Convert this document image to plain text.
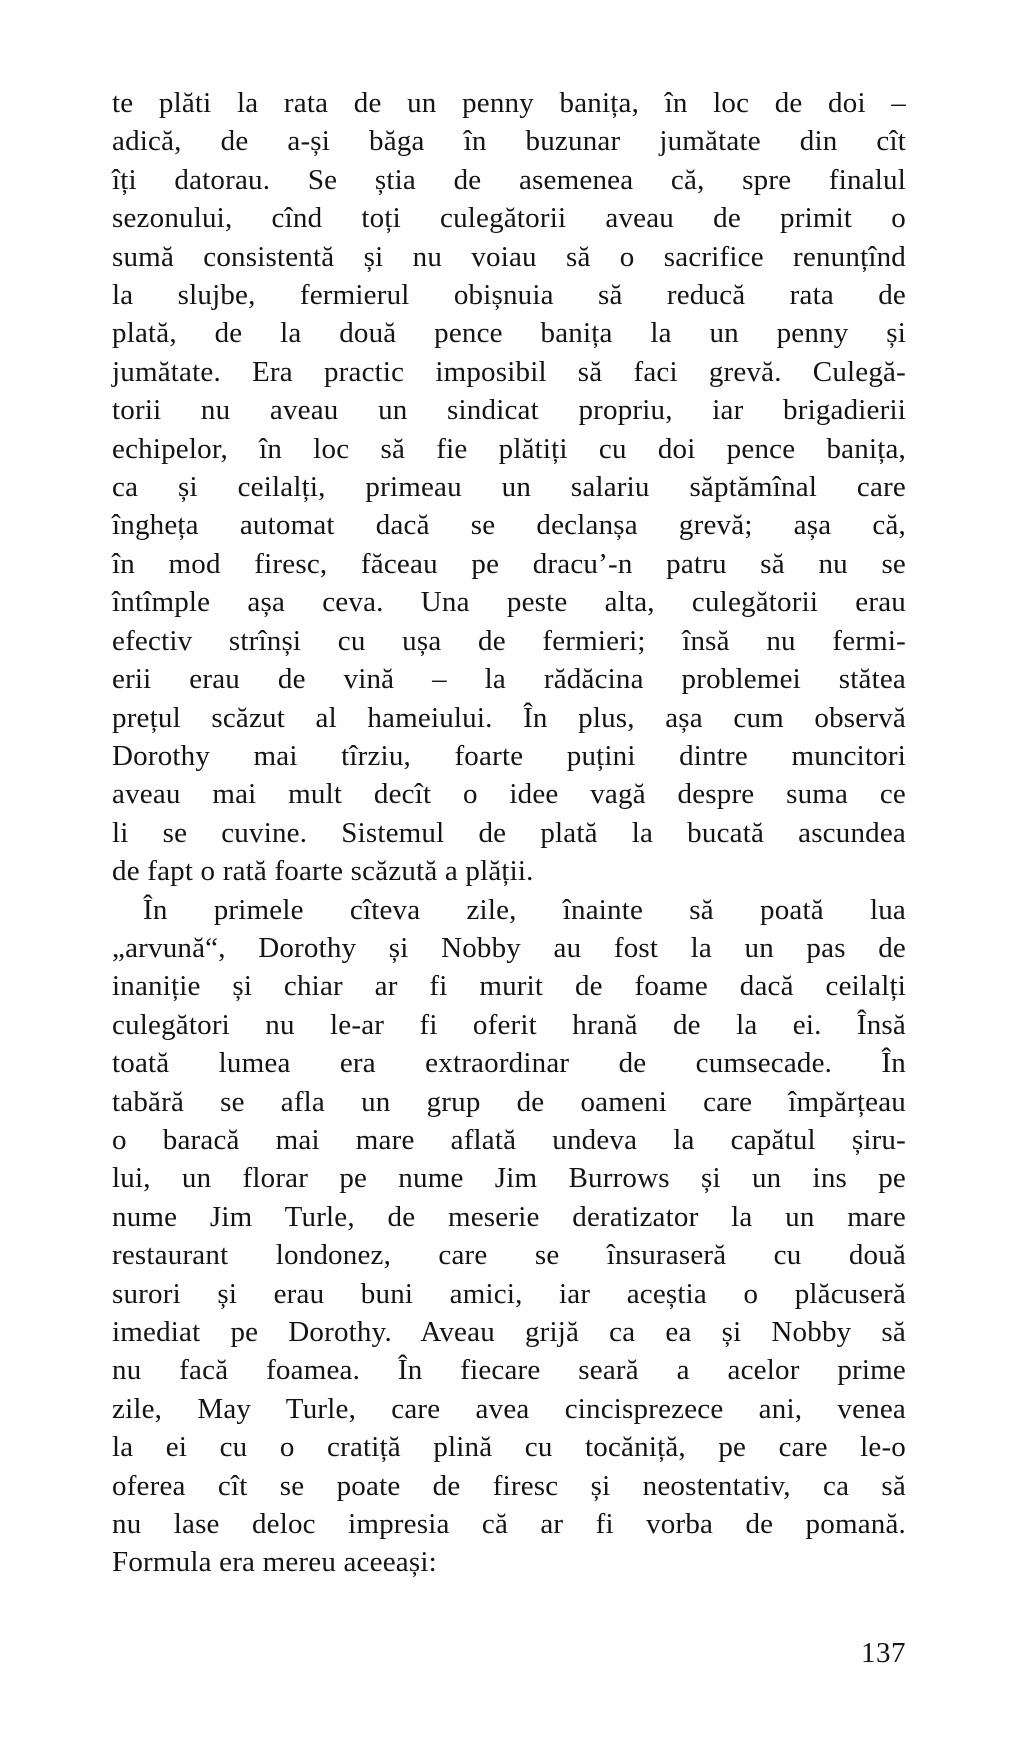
te plăti la rata de un penny banița, în loc de doi –
adică, de a-și băga în buzunar jumătate din cît
îți datorau. Se știa de asemenea că, spre finalul
sezonului, cînd toți culegătorii aveau de primit o
sumă consistentă și nu voiau să o sacrifice renunțînd
la slujbe, fermierul obișnuia să reducă rata de
plată, de la două pence banița la un penny și
jumătate. Era practic imposibil să faci grevă. Culegă-
torii nu aveau un sindicat propriu, iar brigadierii
echipelor, în loc să fie plătiți cu doi pence banița,
ca și ceilalți, primeau un salariu săptămînal care
îngheța automat dacă se declanșa grevă; așa că,
în mod firesc, făceau pe dracu’-n patru să nu se
întîmple așa ceva. Una peste alta, culegătorii erau
efectiv strînși cu ușa de fermieri; însă nu fermi-
erii erau de vină – la rădăcina problemei stătea
prețul scăzut al hameiului. În plus, așa cum observă
Dorothy mai tîrziu, foarte puțini dintre muncitori
aveau mai mult decît o idee vagă despre suma ce
li se cuvine. Sistemul de plată la bucată ascundea
de fapt o rată foarte scăzută a plății.
În primele cîteva zile, înainte să poată lua
„arvună“, Dorothy și Nobby au fost la un pas de
inaniție și chiar ar fi murit de foame dacă ceilalți
culegători nu le-ar fi oferit hrană de la ei. Însă
toată lumea era extraordinar de cumsecade. În
tabără se afla un grup de oameni care împărțeau
o baracă mai mare aflată undeva la capătul șiru-
lui, un florar pe nume Jim Burrows și un ins pe
nume Jim Turle, de meserie deratizator la un mare
restaurant londonez, care se însuraseră cu două
surori și erau buni amici, iar aceștia o plăcuseră
imediat pe Dorothy. Aveau grijă ca ea și Nobby să
nu facă foamea. În fiecare seară a acelor prime
zile, May Turle, care avea cincisprezece ani, venea
la ei cu o cratiță plină cu tocăniță, pe care le-o
oferea cît se poate de firesc și neostentativ, ca să
nu lase deloc impresia că ar fi vorba de pomană.
Formula era mereu aceeași:
137
